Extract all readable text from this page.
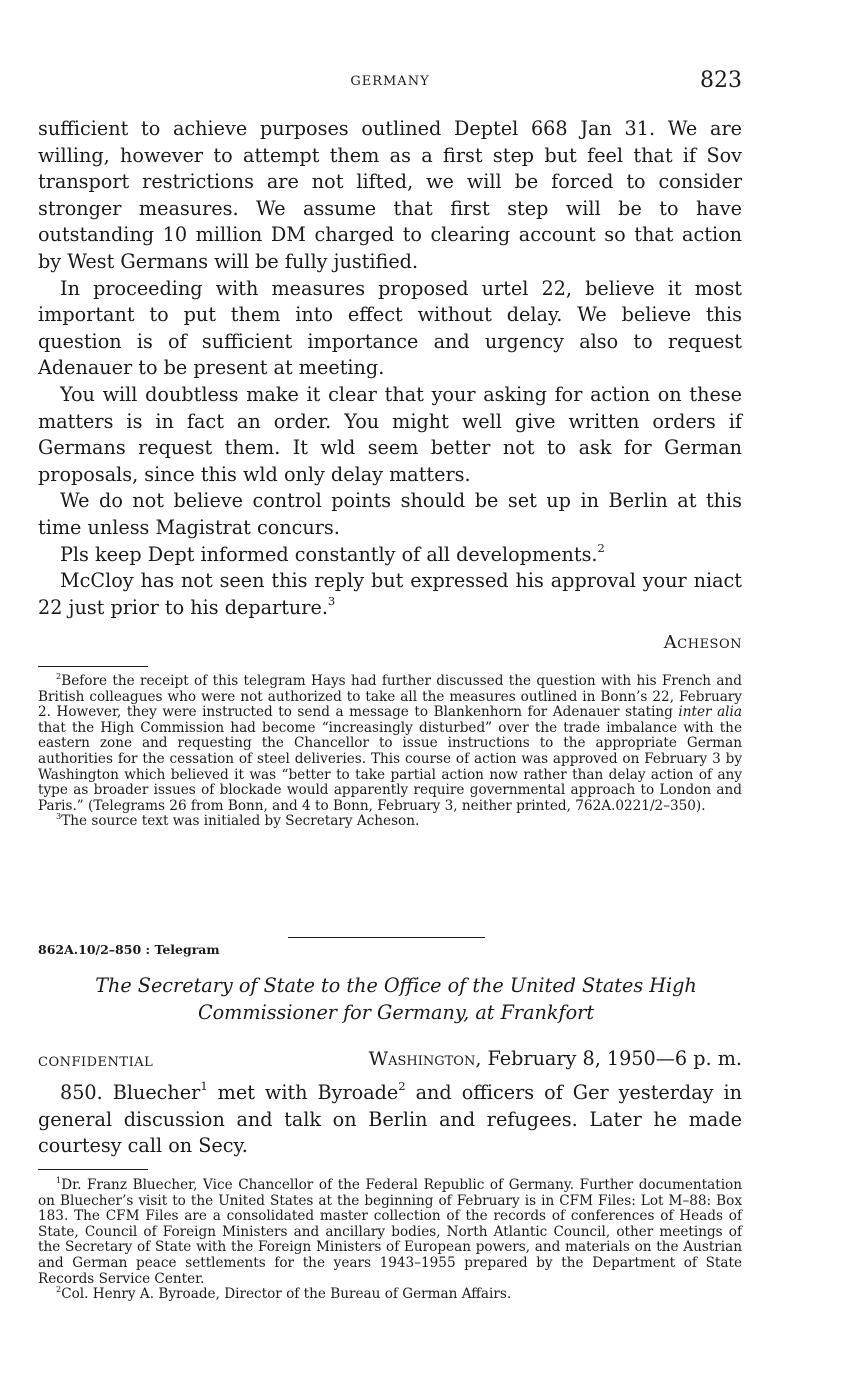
GERMANY	823

sufficient to achieve purposes outlined Deptel 668 Jan 31. We are willing, however to attempt them as a first step but feel that if Sov transport restrictions are not lifted, we will be forced to consider stronger measures. We assume that first step will be to have outstanding 10 million DM charged to clearing account so that action by West Germans will be fully justified.

In proceeding with measures proposed urtel 22, believe it most important to put them into effect without delay. We believe this question is of sufficient importance and urgency also to request Adenauer to be present at meeting.

You will doubtless make it clear that your asking for action on these matters is in fact an order. You might well give written orders if Germans request them. It wld seem better not to ask for German proposals, since this wld only delay matters.

We do not believe control points should be set up in Berlin at this time unless Magistrat concurs.

Pls keep Dept informed constantly of all developments.$^2$

McCloy has not seen this reply but expressed his approval your niact 22 just prior to his departure.$^3$

Acheson

$^2$Before the receipt of this telegram Hays had further discussed the question with his French and British colleagues who were not authorized to take all the measures outlined in Bonn’s 22, February 2. However, they were instructed to send a message to Blankenhorn for Adenauer stating inter alia that the High Commission had become “increasingly disturbed” over the trade imbalance with the eastern zone and requesting the Chancellor to issue instructions to the appropriate German authorities for the cessation of steel deliveries. This course of action was approved on February 3 by Washington which believed it was “better to take partial action now rather than delay action of any type as broader issues of blockade would apparently require governmental approach to London and Paris.” (Telegrams 26 from Bonn, and 4 to Bonn, February 3, neither printed, 762A.0221/2–350).

$^3$The source text was initialed by Secretary Acheson.

862A.10/2–850 : Telegram
The Secretary of State to the Office of the United States High
Commissioner for Germany, at Frankfort
CONFIDENTIAL	Washington, February 8, 1950—6 p. m.

850. Bluecher$^1$ met with Byroade$^2$ and officers of Ger yesterday in general discussion and talk on Berlin and refugees. Later he made courtesy call on Secy.

$^1$Dr. Franz Bluecher, Vice Chancellor of the Federal Republic of Germany. Further documentation on Bluecher’s visit to the United States at the beginning of February is in CFM Files: Lot M–88: Box 183. The CFM Files are a consolidated master collection of the records of conferences of Heads of State, Council of Foreign Ministers and ancillary bodies, North Atlantic Council, other meetings of the Secretary of State with the Foreign Ministers of European powers, and materials on the Austrian and German peace settlements for the years 1943–1955 prepared by the Department of State Records Service Center.

$^2$Col. Henry A. Byroade, Director of the Bureau of German Affairs.
